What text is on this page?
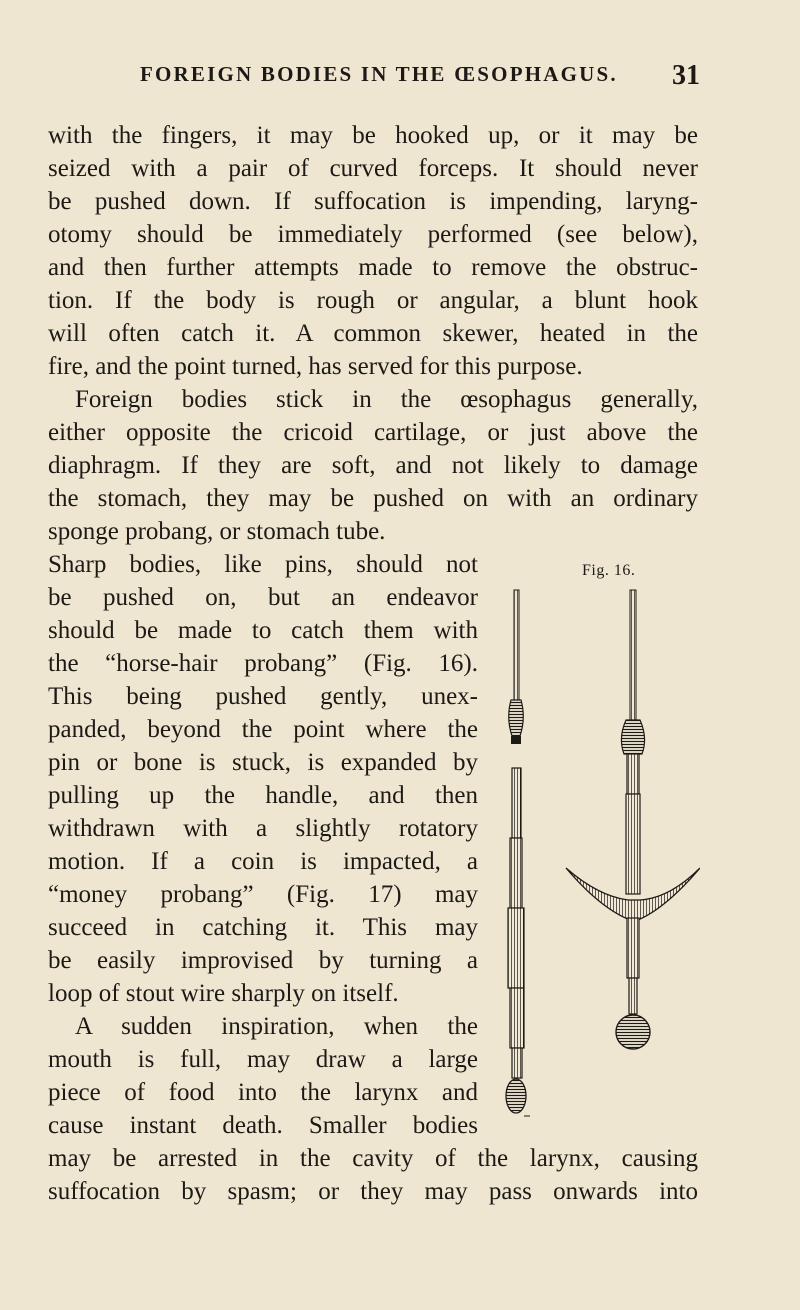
FOREIGN BODIES IN THE ŒSOPHAGUS.	31
with the fingers, it may be hooked up, or it may be
seized with a pair of curved forceps. It should never
be pushed down. If suffocation is impending, laryng-
otomy should be immediately performed (see below),
and then further attempts made to remove the obstruc-
tion. If the body is rough or angular, a blunt hook
will often catch it. A common skewer, heated in the
fire, and the point turned, has served for this purpose.
Foreign bodies stick in the œsophagus generally,
either opposite the cricoid cartilage, or just above the
diaphragm. If they are soft, and not likely to damage
the stomach, they may be pushed on with an ordinary
sponge probang, or stomach tube.
Sharp bodies, like pins, should not
be pushed on, but an endeavor
should be made to catch them with
the “horse-hair probang” (Fig. 16).
This being pushed gently, unex-
panded, beyond the point where the
pin or bone is stuck, is expanded by
pulling up the handle, and then
withdrawn with a slightly rotatory
motion. If a coin is impacted, a
“money probang” (Fig. 17) may
succeed in catching it. This may
be easily improvised by turning a
loop of stout wire sharply on itself.
A sudden inspiration, when the
mouth is full, may draw a large
piece of food into the larynx and
cause instant death. Smaller bodies
may be arrested in the cavity of the larynx, causing
suffocation by spasm; or they may pass onwards into
Fig. 16.
